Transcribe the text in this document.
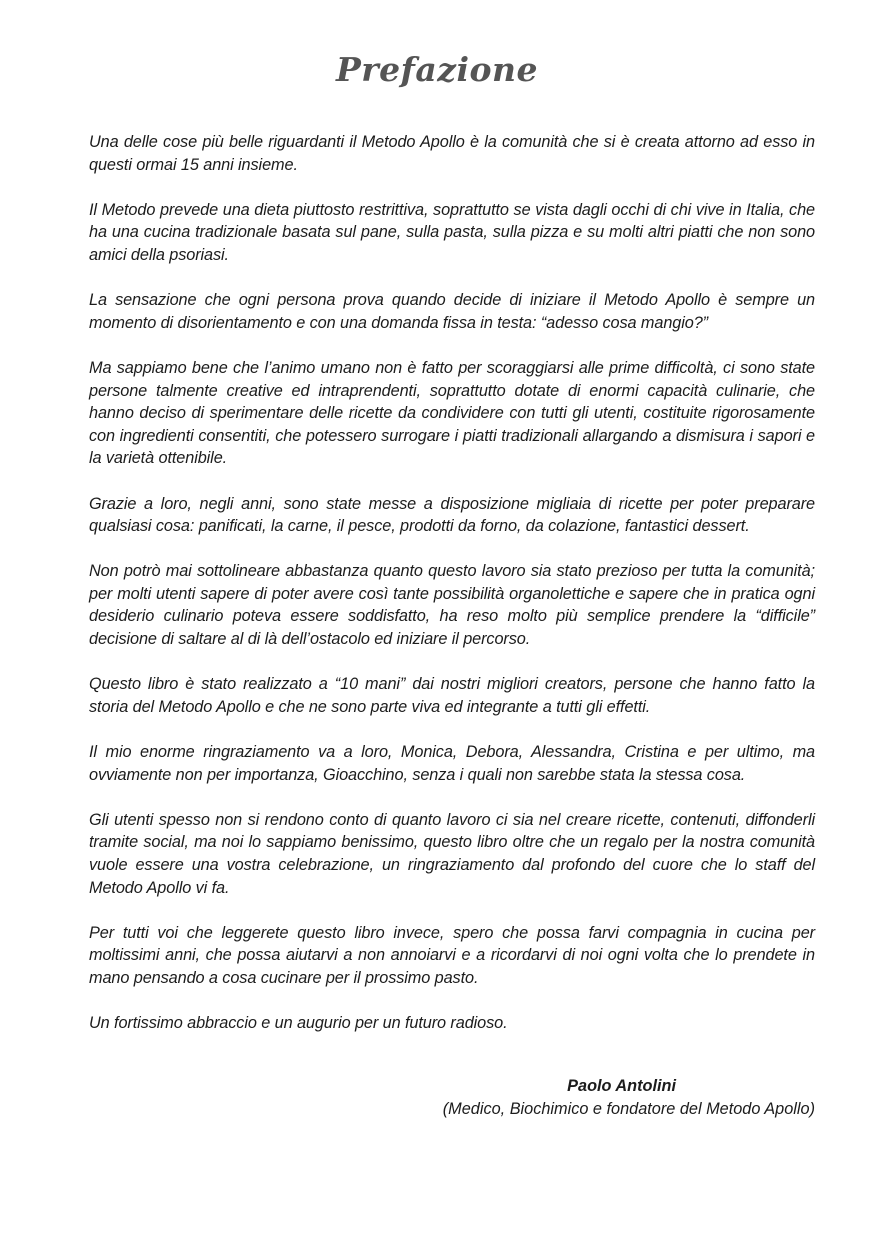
Prefazione

Una delle cose più belle riguardanti il Metodo Apollo è la comunità che si è creata attorno ad esso in questi ormai 15 anni insieme.

Il Metodo prevede una dieta piuttosto restrittiva, soprattutto se vista dagli occhi di chi vive in Italia, che ha una cucina tradizionale basata sul pane, sulla pasta, sulla pizza e su molti altri piatti che non sono amici della psoriasi.

La sensazione che ogni persona prova quando decide di iniziare il Metodo Apollo è sempre un momento di disorientamento e con una domanda fissa in testa: “adesso cosa mangio?”

Ma sappiamo bene che l’animo umano non è fatto per scoraggiarsi alle prime difficoltà, ci sono state persone talmente creative ed intraprendenti, soprattutto dotate di enormi capacità culinarie, che hanno deciso di sperimentare delle ricette da condividere con tutti gli utenti, costituite rigorosamente con ingredienti consentiti, che potessero surrogare i piatti tradizionali allargando a dismisura i sapori e la varietà ottenibile.

Grazie a loro, negli anni, sono state messe a disposizione migliaia di ricette per poter preparare qualsiasi cosa: panificati, la carne, il pesce, prodotti da forno, da colazione, fantastici dessert.

Non potrò mai sottolineare abbastanza quanto questo lavoro sia stato prezioso per tutta la comunità; per molti utenti sapere di poter avere così tante possibilità organolettiche e sapere che in pratica ogni desiderio culinario poteva essere soddisfatto, ha reso molto più semplice prendere la “difficile” decisione di saltare al di là dell’ostacolo ed iniziare il percorso.

Questo libro è stato realizzato a “10 mani” dai nostri migliori creators, persone che hanno fatto la storia del Metodo Apollo e che ne sono parte viva ed integrante a tutti gli effetti.

Il mio enorme ringraziamento va a loro, Monica, Debora, Alessandra, Cristina e per ultimo, ma ovviamente non per importanza, Gioacchino, senza i quali non sarebbe stata la stessa cosa.

Gli utenti spesso non si rendono conto di quanto lavoro ci sia nel creare ricette, contenuti, diffonderli tramite social, ma noi lo sappiamo benissimo, questo libro oltre che un regalo per la nostra comunità vuole essere una vostra celebrazione, un ringraziamento dal profondo del cuore che lo staff del Metodo Apollo vi fa.

Per tutti voi che leggerete questo libro invece, spero che possa farvi compagnia in cucina per moltissimi anni, che possa aiutarvi a non annoiarvi e a ricordarvi di noi ogni volta che lo prendete in mano pensando a cosa cucinare per il prossimo pasto.

Un fortissimo abbraccio e un augurio per un futuro radioso.

Paolo Antolini
(Medico, Biochimico e fondatore del Metodo Apollo)
